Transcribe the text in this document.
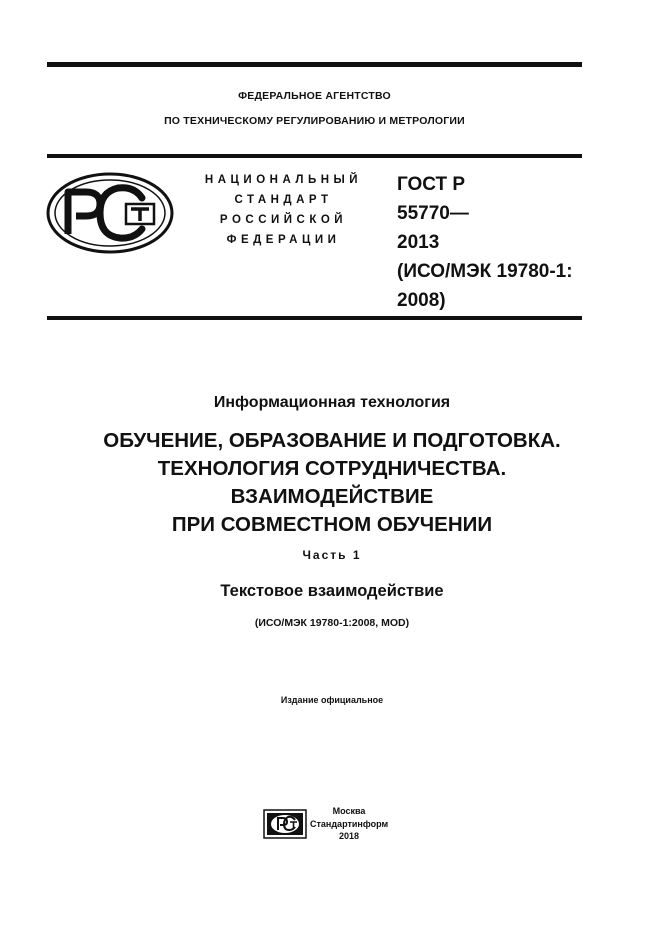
ФЕДЕРАЛЬНОЕ АГЕНТСТВО
ПО ТЕХНИЧЕСКОМУ РЕГУЛИРОВАНИЮ И МЕТРОЛОГИИ
НАЦИОНАЛЬНЫЙ
СТАНДАРТ
РОССИЙСКОЙ
ФЕДЕРАЦИИ
ГОСТ Р
55770—
2013
(ИСО/МЭК 19780-1:
2008)
Информационная технология
ОБУЧЕНИЕ, ОБРАЗОВАНИЕ И ПОДГОТОВКА.
ТЕХНОЛОГИЯ СОТРУДНИЧЕСТВА.
ВЗАИМОДЕЙСТВИЕ
ПРИ СОВМЕСТНОМ ОБУЧЕНИИ
Часть 1
Текстовое взаимодействие
(ИСО/МЭК 19780-1:2008, MOD)
Издание официальное
Москва
Стандартинформ
2018
